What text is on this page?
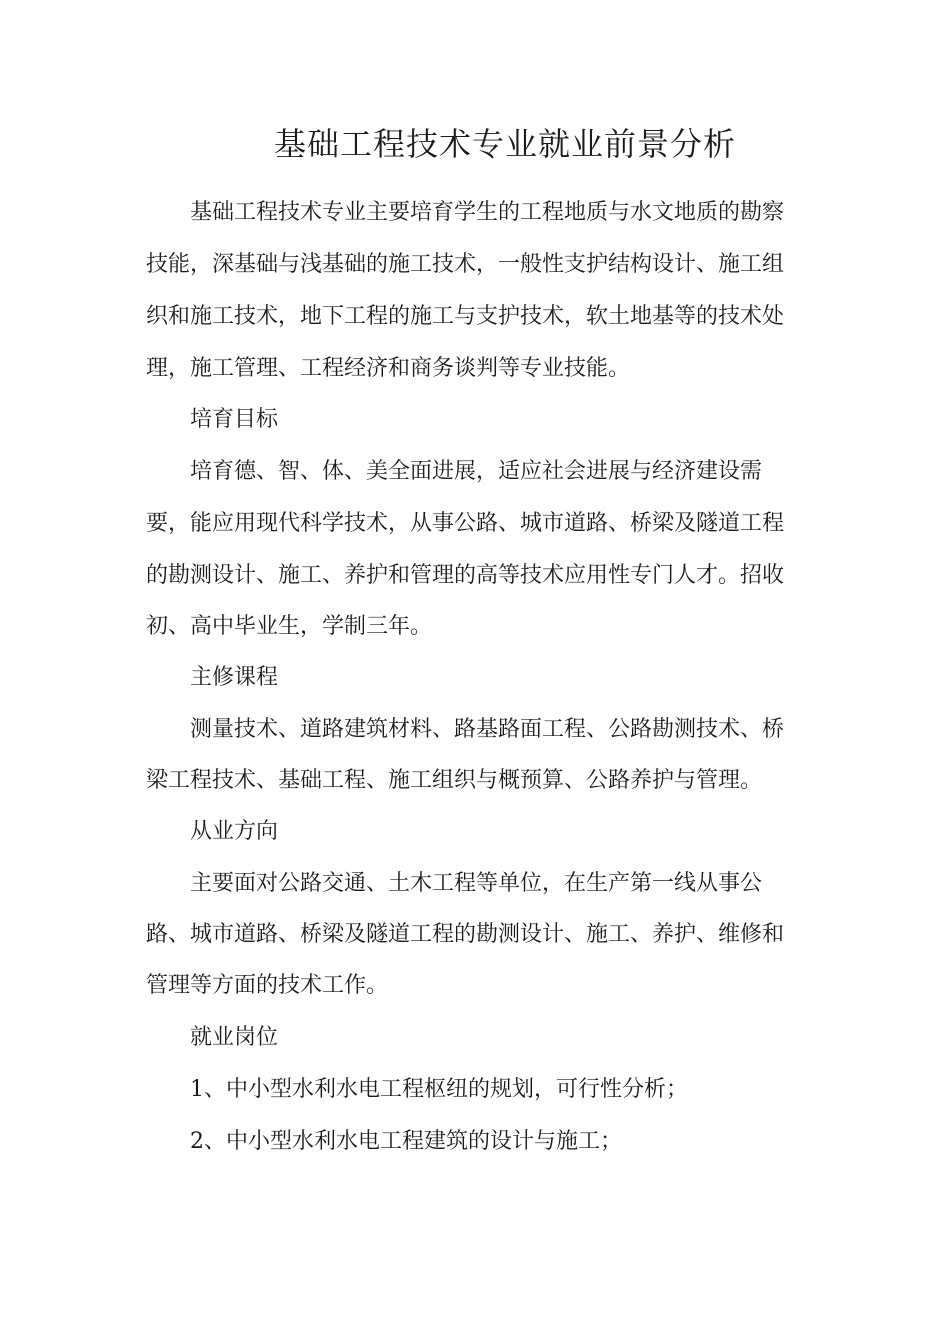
基础工程技术专业就业前景分析
基础工程技术专业主要培育学生的工程地质与水文地质的勘察
技能，深基础与浅基础的施工技术，一般性支护结构设计、施工组
织和施工技术，地下工程的施工与支护技术，软土地基等的技术处
理，施工管理、工程经济和商务谈判等专业技能。
培育目标
培育德、智、体、美全面进展，适应社会进展与经济建设需
要，能应用现代科学技术，从事公路、城市道路、桥梁及隧道工程
的勘测设计、施工、养护和管理的高等技术应用性专门人才。招收
初、高中毕业生，学制三年。
主修课程
测量技术、道路建筑材料、路基路面工程、公路勘测技术、桥
梁工程技术、基础工程、施工组织与概预算、公路养护与管理。
从业方向
主要面对公路交通、土木工程等单位，在生产第一线从事公
路、城市道路、桥梁及隧道工程的勘测设计、施工、养护、维修和
管理等方面的技术工作。
就业岗位
1、中小型水利水电工程枢纽的规划，可行性分析；
2、中小型水利水电工程建筑的设计与施工；
